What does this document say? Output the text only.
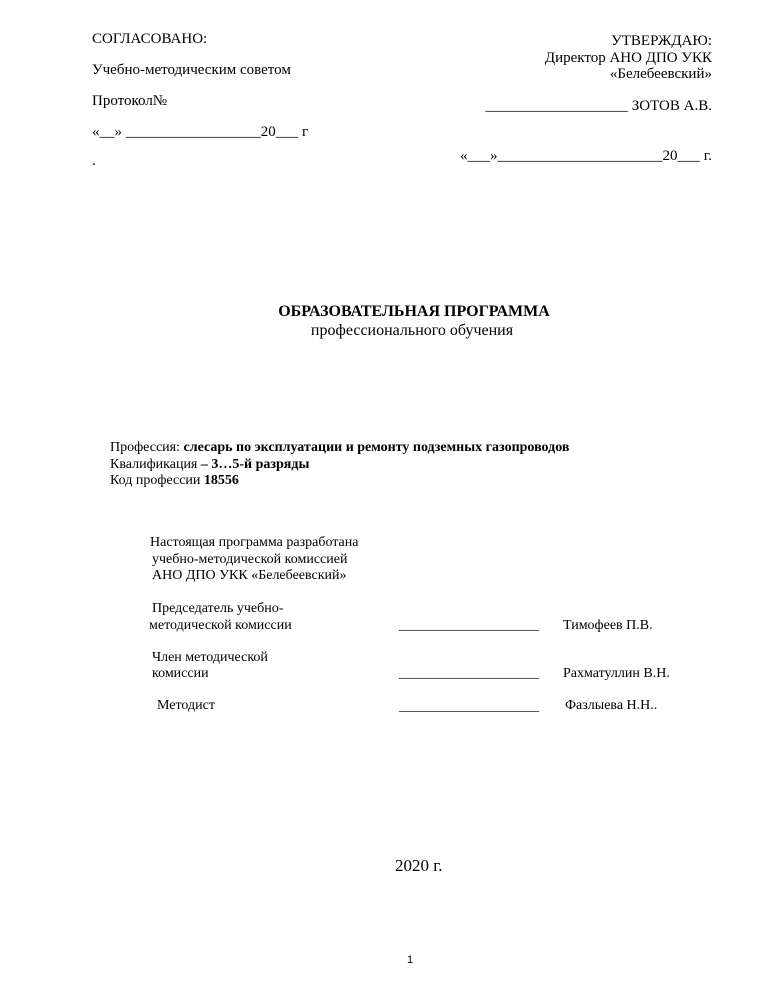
СОГЛАСОВАНО:
Учебно-методическим советом
Протокол№
«__» __________________20___ г
.
УТВЕРЖДАЮ:
Директор АНО ДПО УКК
«Белебеевский»
___________________ ЗОТОВ А.В.
«___»______________________20___ г.
ОБРАЗОВАТЕЛЬНАЯ ПРОГРАММА
профессионального обучения
Профессия: слесарь по эксплуатации и ремонту подземных газопроводов
Квалификация – 3…5-й разряды
Код профессии 18556
Настоящая программа разработана
учебно-методической комиссией
АНО ДПО УКК «Белебеевский»
Председатель учебно-
методической комиссии	____________________ Тимофеев П.В.
Член методической
комиссии	____________________ Рахматуллин В.Н.
Методист	____________________ Фазлыева Н.Н..
2020 г.
1
